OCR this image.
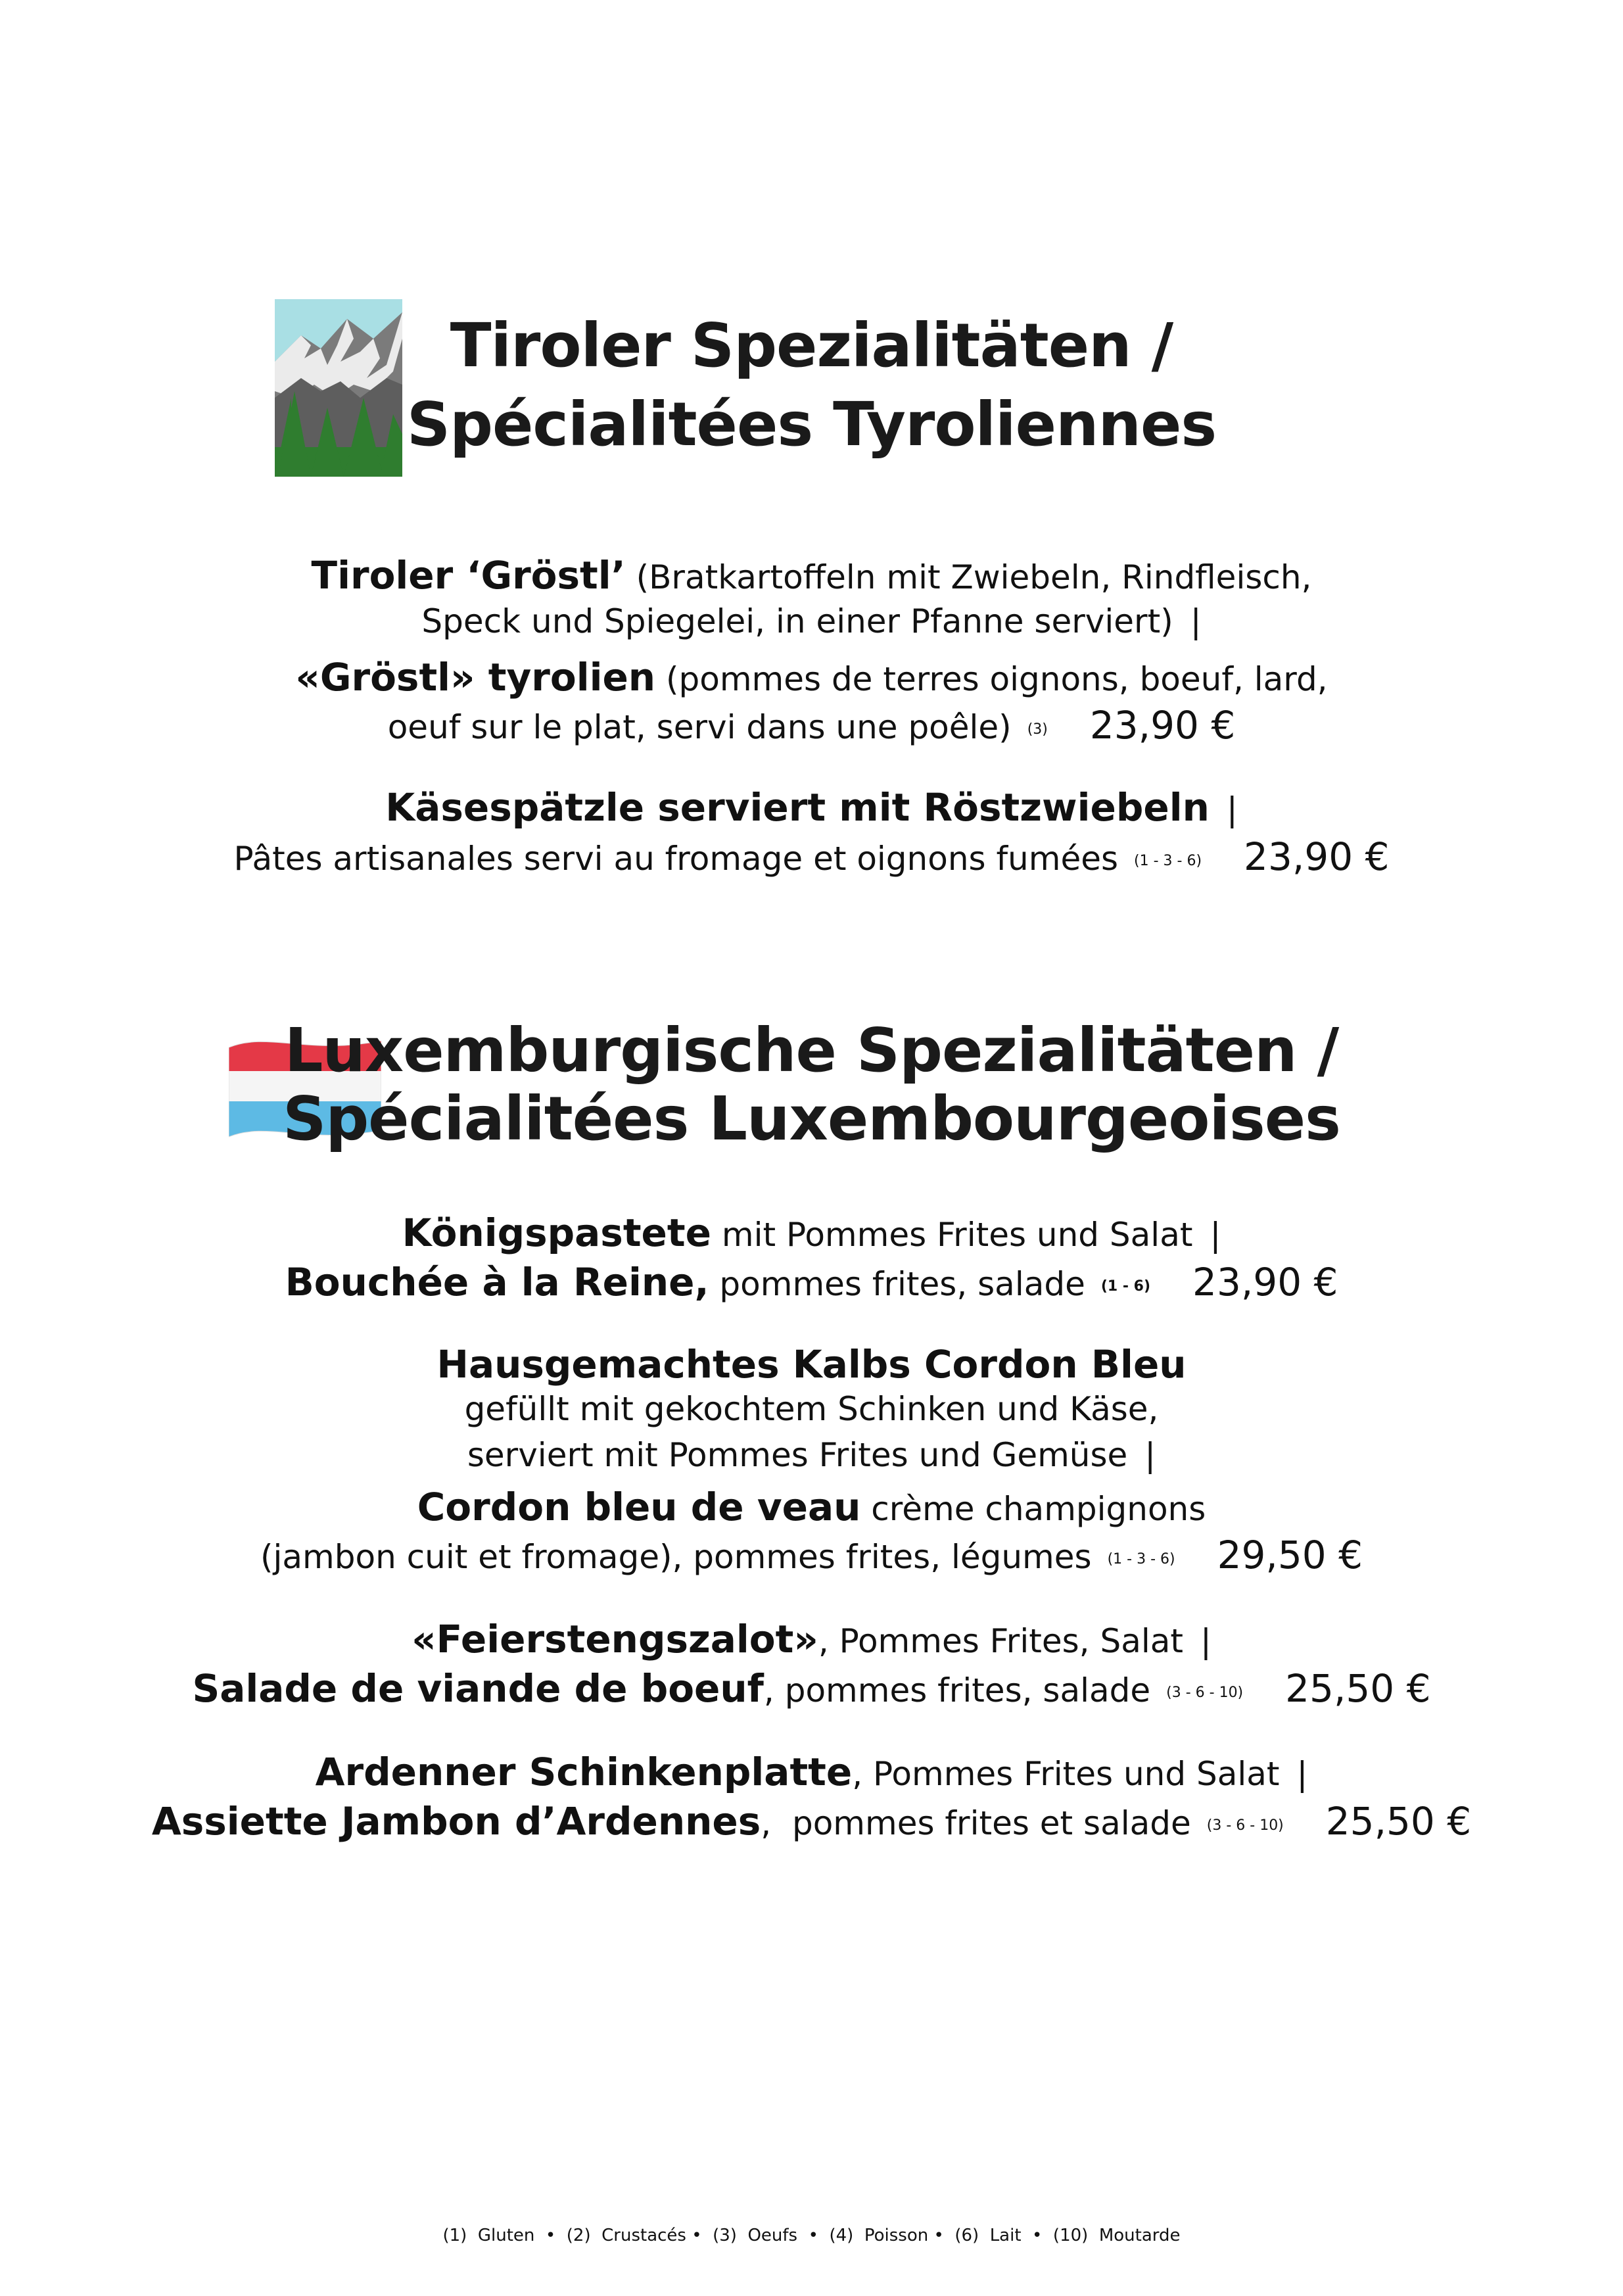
Tiroler Spezialitäten /
Spécialitées Tyroliennes
Tiroler ‘Gröstl’ (Bratkartoffeln mit Zwiebeln, Rindfleisch,
Speck und Spiegelei, in einer Pfanne serviert) |
«Gröstl» tyrolien (pommes de terres oignons, boeuf, lard,
oeuf sur le plat, servi dans une poêle) (3) 23,90 €
Käsespätzle serviert mit Röstzwiebeln |
Pâtes artisanales servi au fromage et oignons fumées (1 - 3 - 6) 23,90 €
Luxemburgische Spezialitäten /
Spécialitées Luxembourgeoises
Königspastete mit Pommes Frites und Salat |
Bouchée à la Reine, pommes frites, salade (1 - 6) 23,90 €
Hausgemachtes Kalbs Cordon Bleu
gefüllt mit gekochtem Schinken und Käse,
serviert mit Pommes Frites und Gemüse |
Cordon bleu de veau crème champignons
(jambon cuit et fromage), pommes frites, légumes (1 - 3 - 6) 29,50 €
«Feierstengszalot», Pommes Frites, Salat |
Salade de viande de boeuf, pommes frites, salade (3 - 6 - 10) 25,50 €
Ardenner Schinkenplatte, Pommes Frites und Salat |
Assiette Jambon d’Ardennes,  pommes frites et salade (3 - 6 - 10) 25,50 €
(1)  Gluten  •  (2)  Crustacés •  (3)  Oeufs  •  (4)  Poisson •  (6)  Lait  •  (10)  Moutarde
